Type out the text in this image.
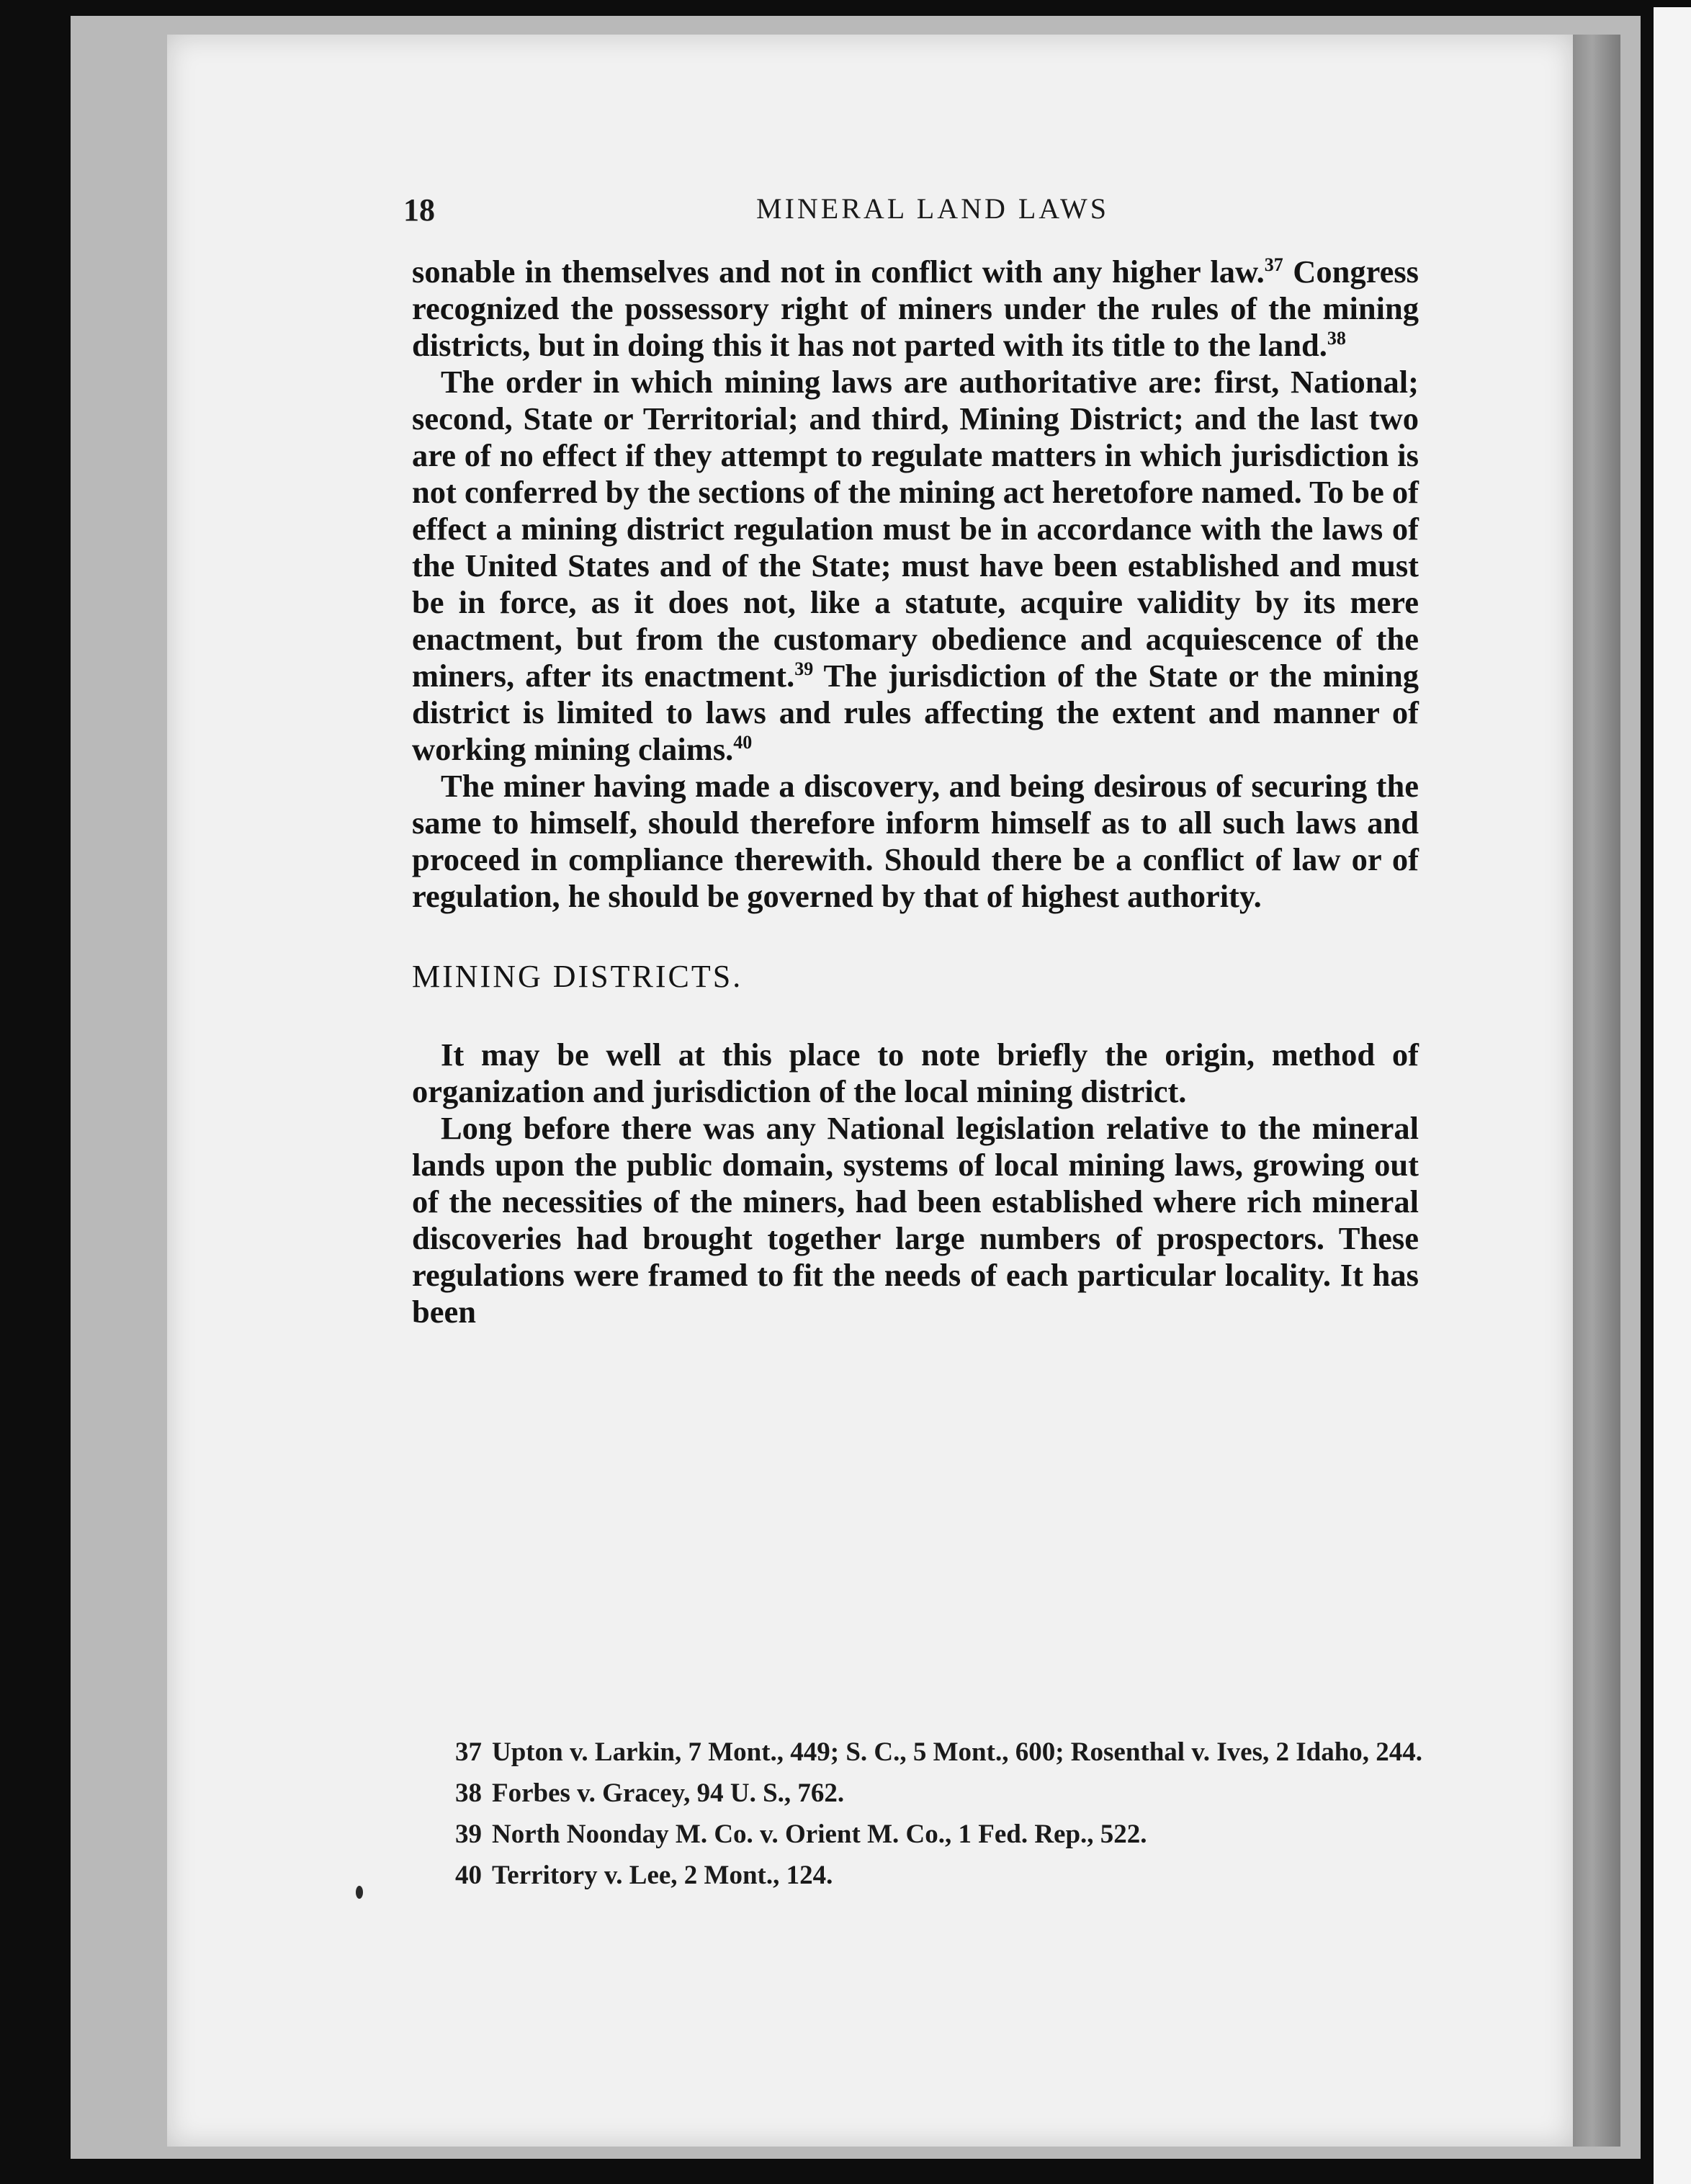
18	MINERAL LAND LAWS

sonable in themselves and not in conflict with any higher law.$^{37}$ Congress recognized the possessory right of miners under the rules of the mining districts, but in doing this it has not parted with its title to the land.$^{38}$

The order in which mining laws are authoritative are: first, National; second, State or Territorial; and third, Mining District; and the last two are of no effect if they attempt to regulate matters in which jurisdiction is not conferred by the sections of the mining act heretofore named. To be of effect a mining district regulation must be in accordance with the laws of the United States and of the State; must have been established and must be in force, as it does not, like a statute, acquire validity by its mere enactment, but from the customary obedience and acquiescence of the miners, after its enactment.$^{39}$ The jurisdiction of the State or the mining district is limited to laws and rules affecting the extent and manner of working mining claims.$^{40}$

The miner having made a discovery, and being desirous of securing the same to himself, should therefore inform himself as to all such laws and proceed in compliance therewith. Should there be a conflict of law or of regulation, he should be governed by that of highest authority.

MINING DISTRICTS.

It may be well at this place to note briefly the origin, method of organization and jurisdiction of the local mining district.

Long before there was any National legislation relative to the mineral lands upon the public domain, systems of local mining laws, growing out of the necessities of the miners, had been established where rich mineral discoveries had brought together large numbers of prospectors. These regulations were framed to fit the needs of each particular locality. It has been

37 Upton v. Larkin, 7 Mont., 449; S. C., 5 Mont., 600; Rosenthal v. Ives, 2 Idaho, 244.

38 Forbes v. Gracey, 94 U. S., 762.

39 North Noonday M. Co. v. Orient M. Co., 1 Fed. Rep., 522.

40 Territory v. Lee, 2 Mont., 124.
